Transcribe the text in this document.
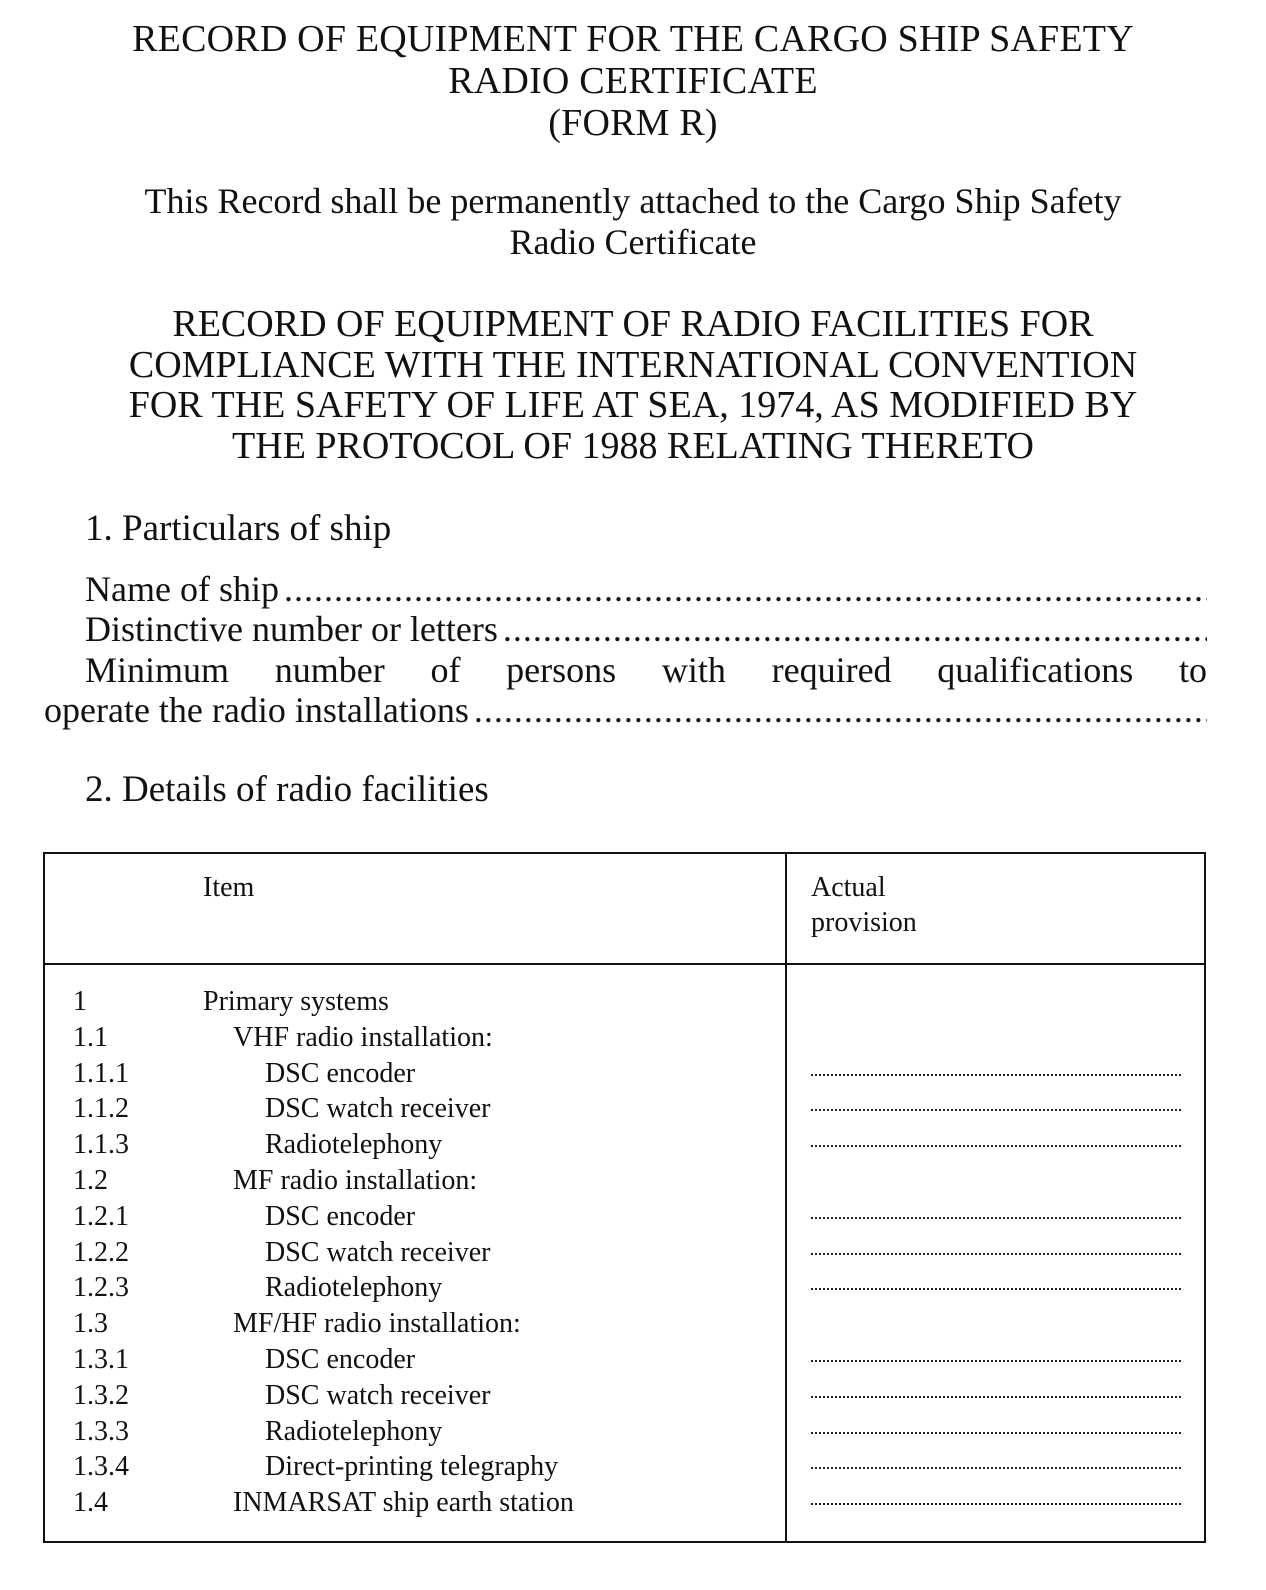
RECORD OF EQUIPMENT FOR THE CARGO SHIP SAFETY
RADIO CERTIFICATE
(FORM R)
This Record shall be permanently attached to the Cargo Ship Safety
Radio Certificate
RECORD OF EQUIPMENT OF RADIO FACILITIES FOR
COMPLIANCE WITH THE INTERNATIONAL CONVENTION
FOR THE SAFETY OF LIFE AT SEA, 1974, AS MODIFIED BY
THE PROTOCOL OF 1988 RELATING THERETO
1. Particulars of ship
Name of ship . . .
Distinctive number or letters . . .
Minimum number of persons with required qualifications to
operate the radio installations . . .
2. Details of radio facilities
Item	Actual
provision
1	Primary systems
1.1	VHF radio installation:
1.1.1	DSC encoder
1.1.2	DSC watch receiver
1.1.3	Radiotelephony
1.2	MF radio installation:
1.2.1	DSC encoder
1.2.2	DSC watch receiver
1.2.3	Radiotelephony
1.3	MF/HF radio installation:
1.3.1	DSC encoder
1.3.2	DSC watch receiver
1.3.3	Radiotelephony
1.3.4	Direct-printing telegraphy
1.4	INMARSAT ship earth station
